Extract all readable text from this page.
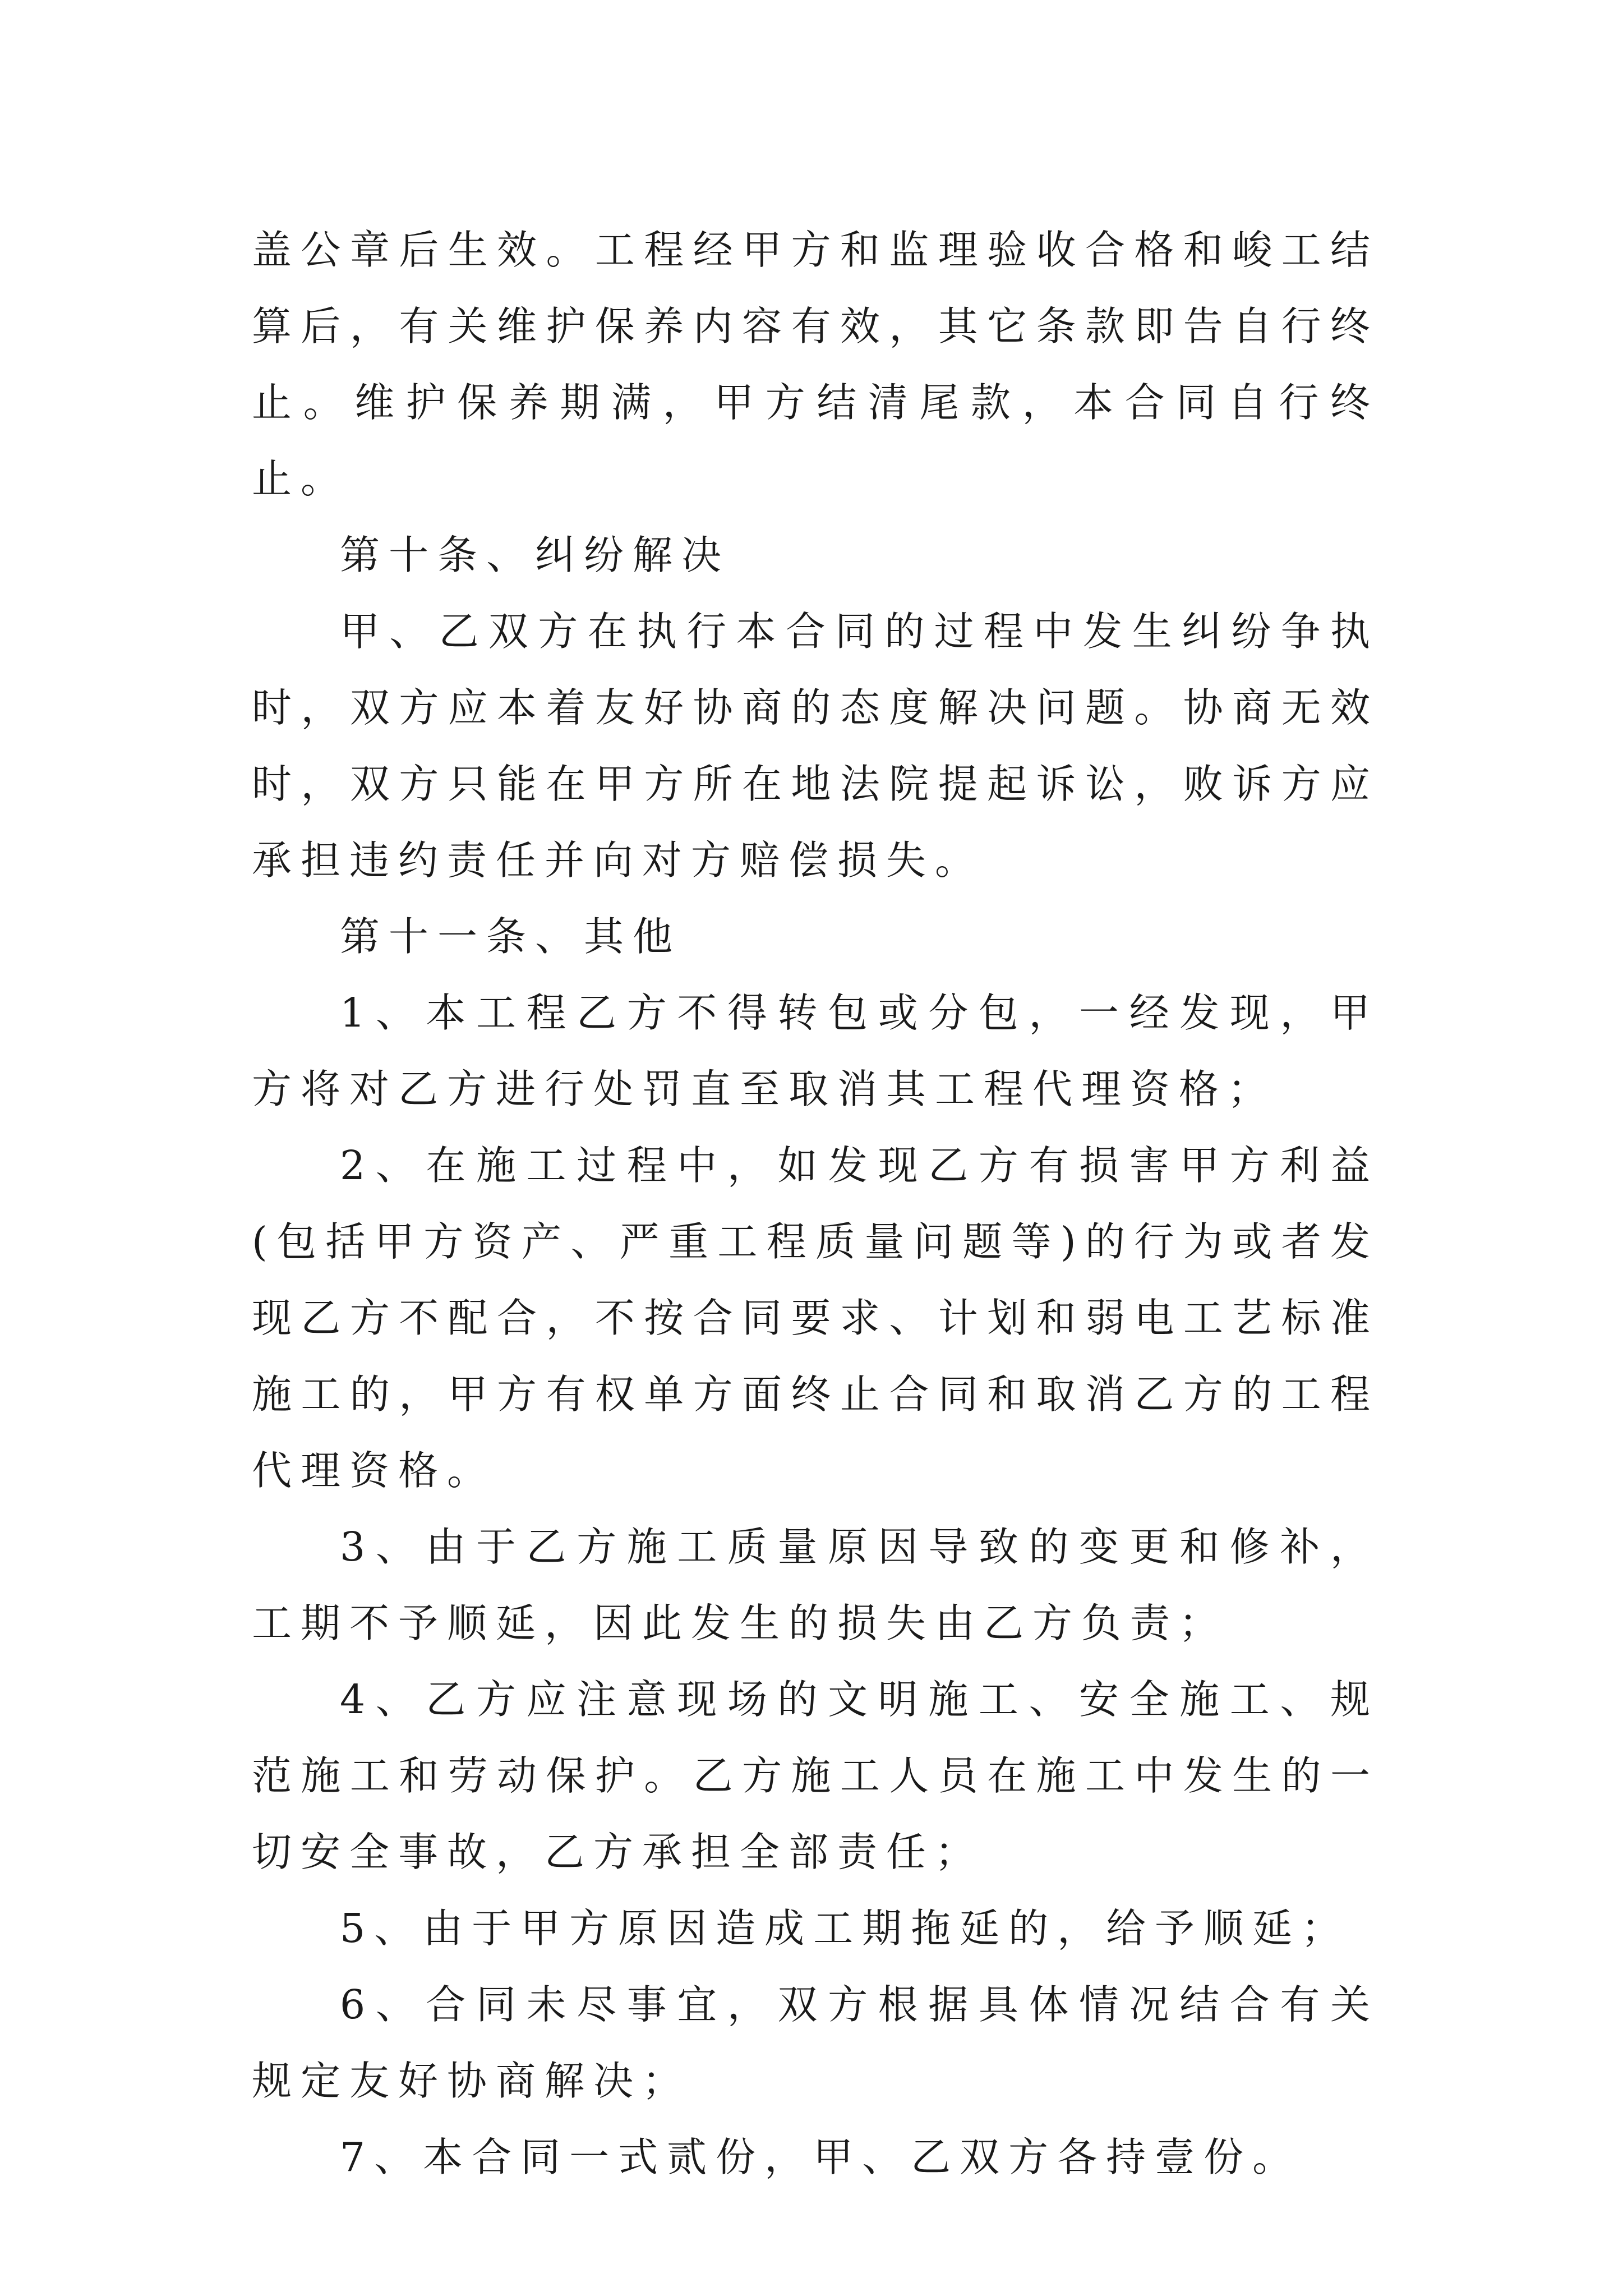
盖公章后生效。工程经甲方和监理验收合格和峻工结算后，有关维护保养内容有效，其它条款即告自行终止。维护保养期满，甲方结清尾款，本合同自行终止。

第十条、纠纷解决

甲、乙双方在执行本合同的过程中发生纠纷争执时，双方应本着友好协商的态度解决问题。协商无效时，双方只能在甲方所在地法院提起诉讼，败诉方应承担违约责任并向对方赔偿损失。

第十一条、其他

1、本工程乙方不得转包或分包，一经发现，甲方将对乙方进行处罚直至取消其工程代理资格；

2、在施工过程中，如发现乙方有损害甲方利益(包括甲方资产、严重工程质量问题等)的行为或者发现乙方不配合，不按合同要求、计划和弱电工艺标准施工的，甲方有权单方面终止合同和取消乙方的工程代理资格。

3、由于乙方施工质量原因导致的变更和修补，工期不予顺延，因此发生的损失由乙方负责；

4、乙方应注意现场的文明施工、安全施工、规范施工和劳动保护。乙方施工人员在施工中发生的一切安全事故，乙方承担全部责任；

5、由于甲方原因造成工期拖延的，给予顺延；

6、合同未尽事宜，双方根据具体情况结合有关规定友好协商解决；

7、本合同一式贰份，甲、乙双方各持壹份。
